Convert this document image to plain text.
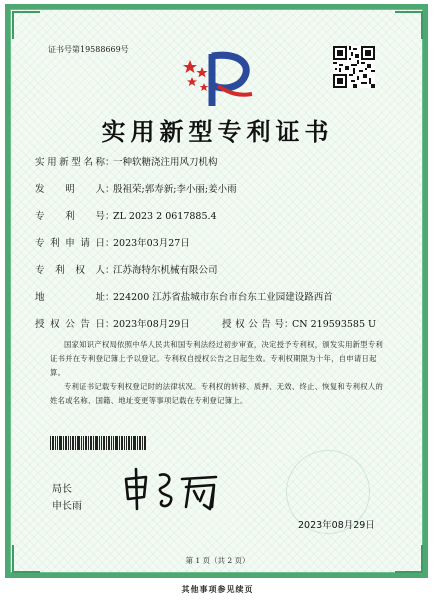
证书号第19588669号
实用新型专利证书
实用新型名称：一种软糖浇注用风刀机构
发明人：殷祖荣;郭寿新;李小丽;姜小雨
专利号：ZL 2023 2 0617885.4
专利申请日：2023年03月27日
专利权人：江苏海特尔机械有限公司
地址：224200 江苏省盐城市东台市台东工业园建设路西首
授权公告日：2023年08月29日	授权公告号：CN 219593585 U
国家知识产权局依照中华人民共和国专利法经过初步审查，决定授予专利权，颁发实用新型专利证书并在专利登记簿上予以登记。专利权自授权公告之日起生效。专利权期限为十年，自申请日起算。
专利证书记载专利权登记时的法律状况。专利权的转移、质押、无效、终止、恢复和专利权人的姓名或名称、国籍、地址变更等事项记载在专利登记簿上。
局长
申长雨
2023年08月29日
第 1 页（共 2 页）
其他事项参见续页
